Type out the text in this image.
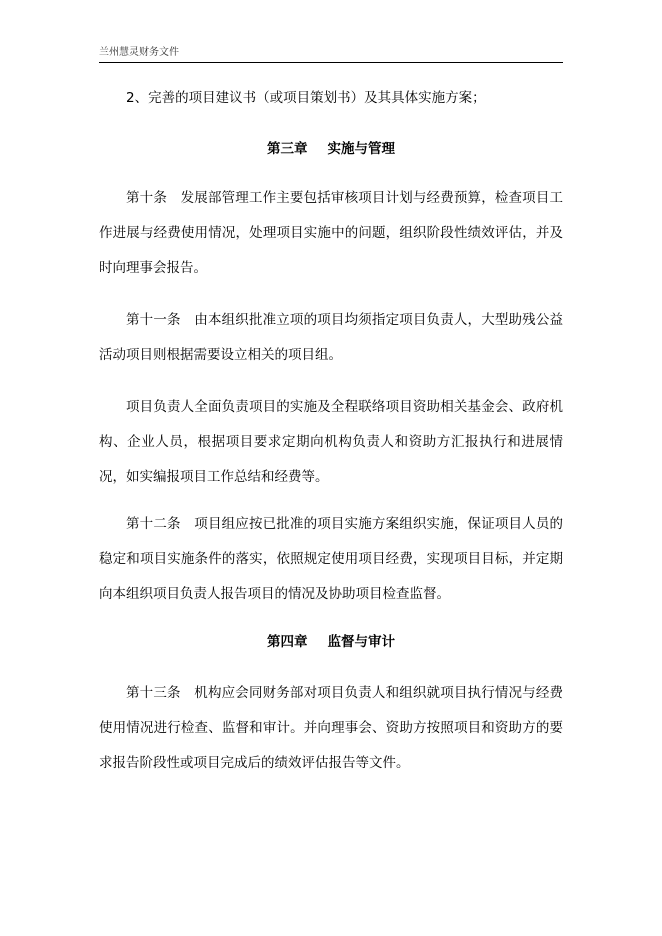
兰州慧灵财务文件

2、完善的项目建议书（或项目策划书）及其具体实施方案；

第三章 实施与管理

第十条　发展部管理工作主要包括审核项目计划与经费预算，检查项目工作进展与经费使用情况，处理项目实施中的问题，组织阶段性绩效评估，并及时向理事会报告。

第十一条　由本组织批准立项的项目均须指定项目负责人，大型助残公益活动项目则根据需要设立相关的项目组。

项目负责人全面负责项目的实施及全程联络项目资助相关基金会、政府机构、企业人员，根据项目要求定期向机构负责人和资助方汇报执行和进展情况，如实编报项目工作总结和经费等。

第十二条　项目组应按已批准的项目实施方案组织实施，保证项目人员的稳定和项目实施条件的落实，依照规定使用项目经费，实现项目目标，并定期向本组织项目负责人报告项目的情况及协助项目检查监督。

第四章 监督与审计

第十三条　机构应会同财务部对项目负责人和组织就项目执行情况与经费使用情况进行检查、监督和审计。并向理事会、资助方按照项目和资助方的要求报告阶段性或项目完成后的绩效评估报告等文件。
